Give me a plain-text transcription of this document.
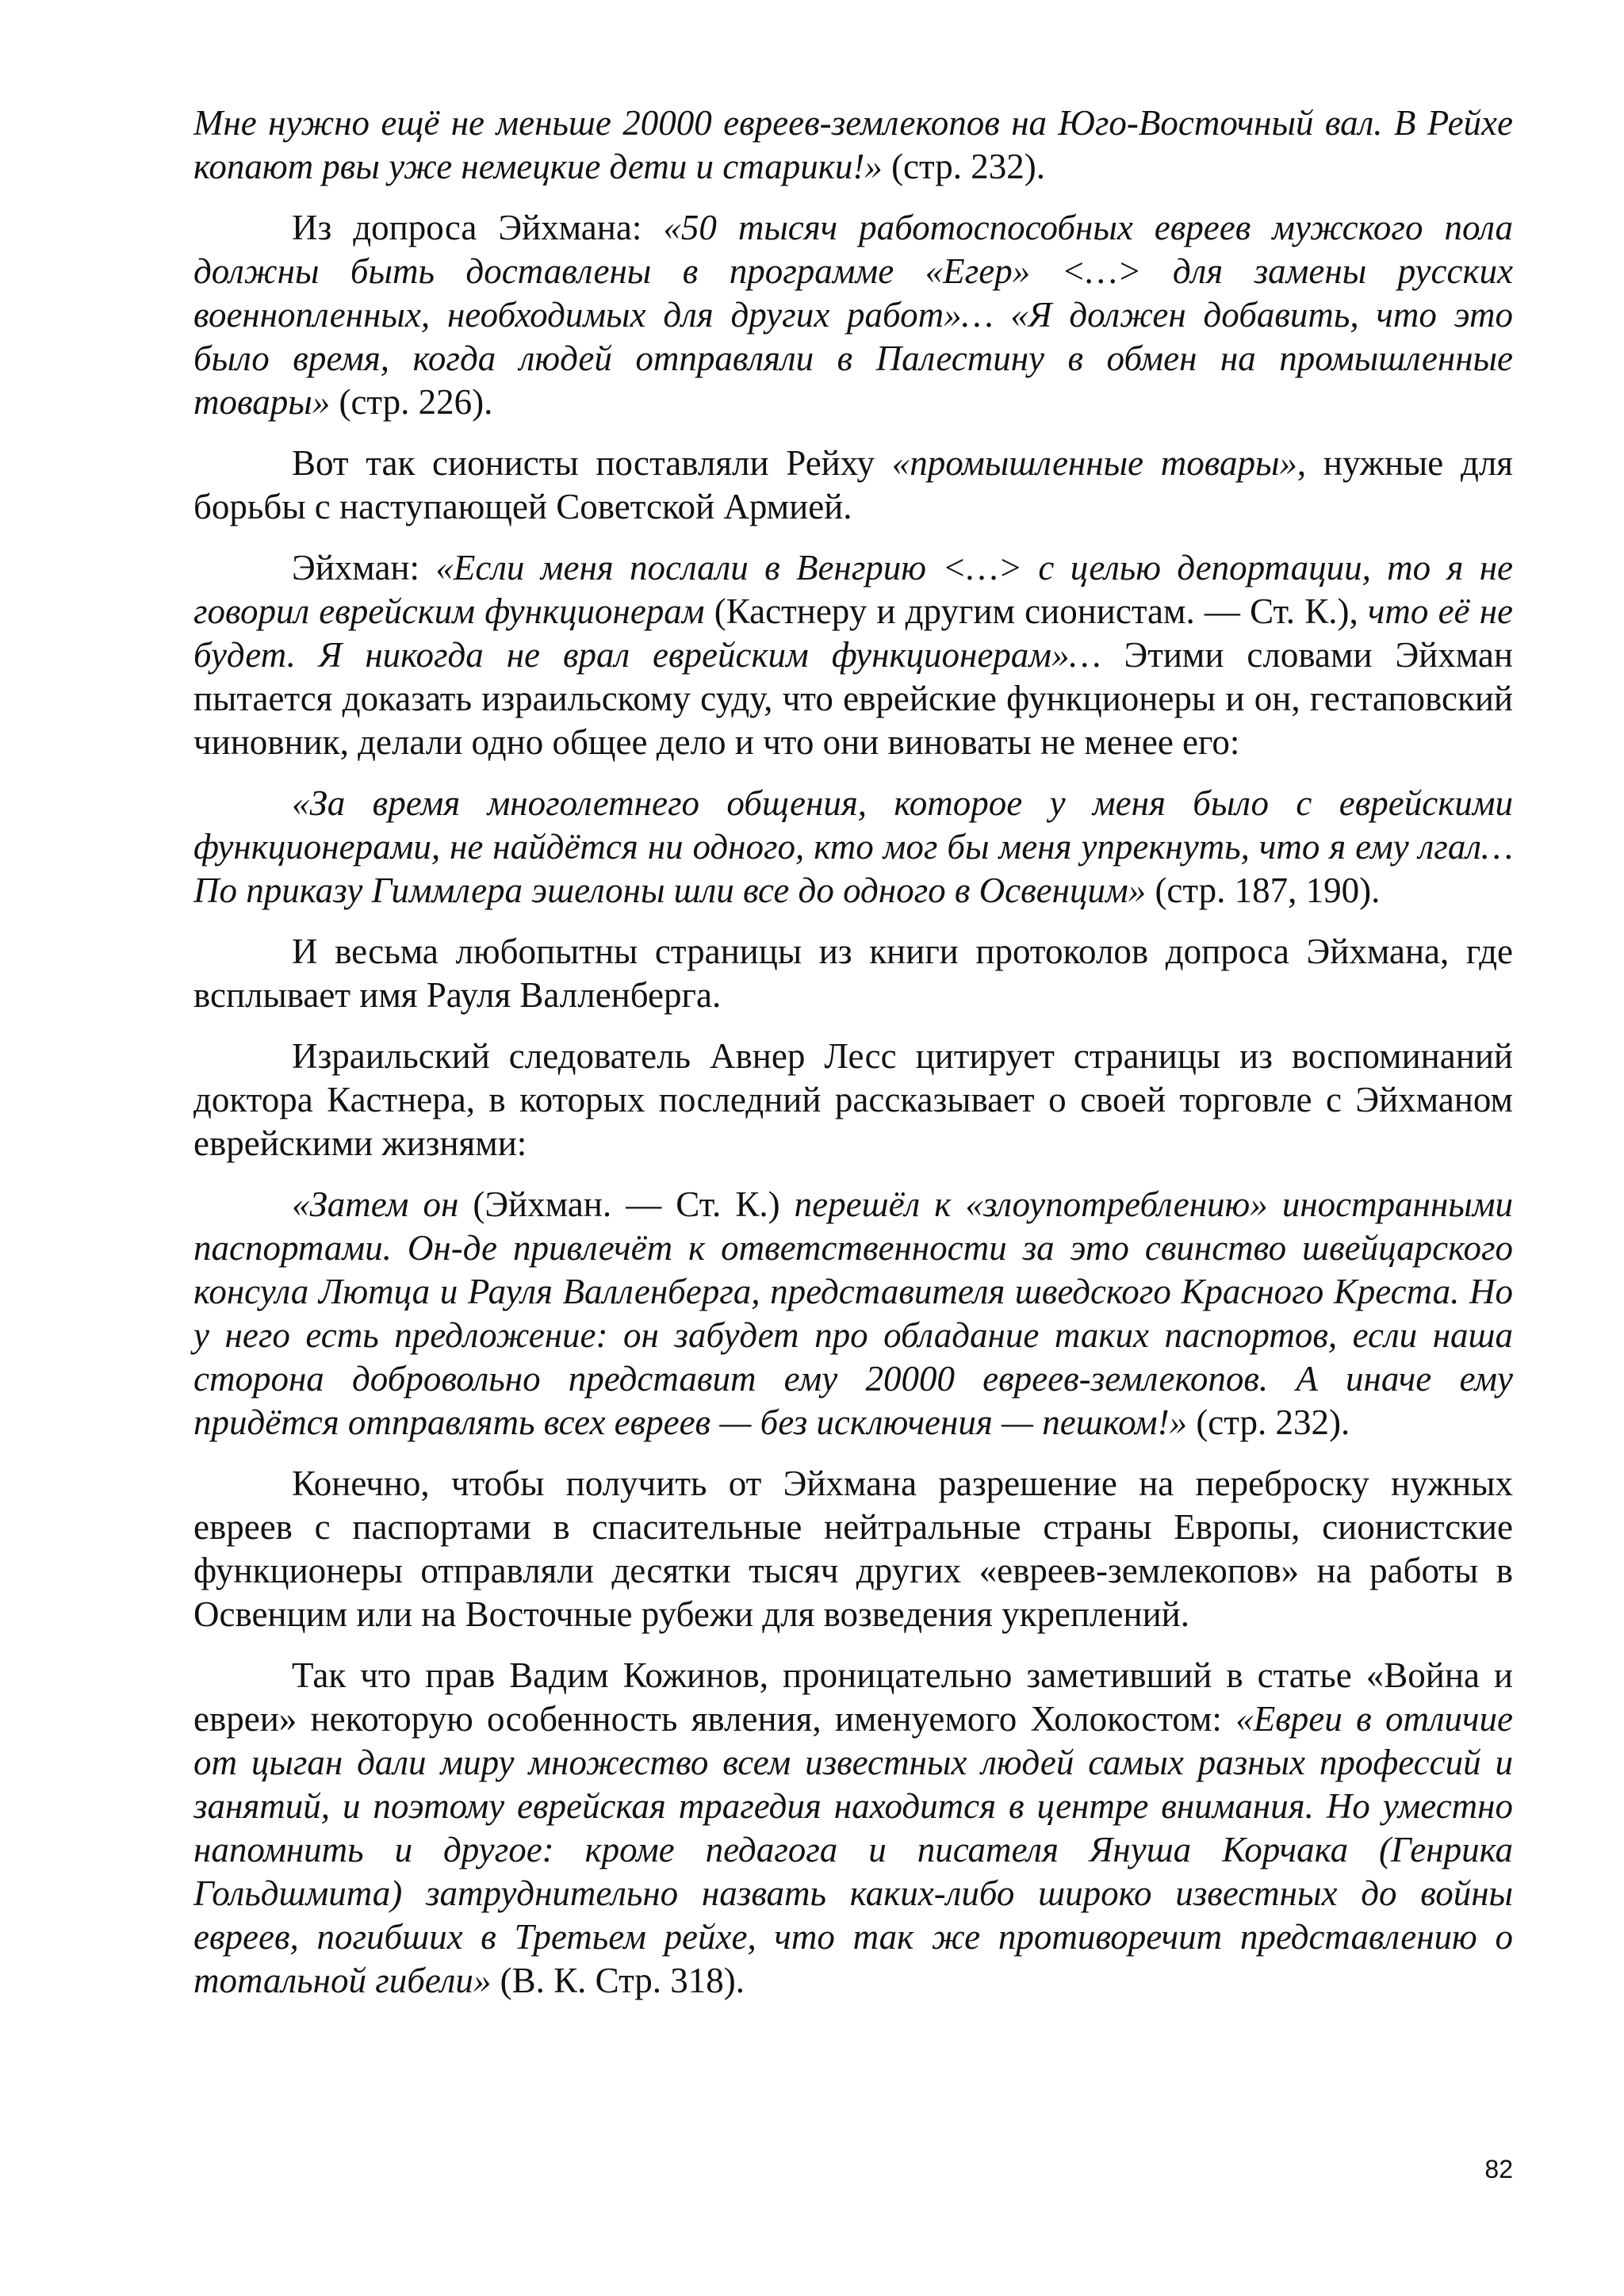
Мне нужно ещё не меньше 20000 евреев-землекопов на Юго-Восточный вал. В Рейхе копают рвы уже немецкие дети и старики!» (стр. 232).

Из допроса Эйхмана: «50 тысяч работоспособных евреев мужского пола должны быть доставлены в программе «Егер» <…> для замены русских военнопленных, необходимых для других работ»… «Я должен добавить, что это было время, когда людей отправляли в Палестину в обмен на промышленные товары» (стр. 226).

Вот так сионисты поставляли Рейху «промышленные товары», нужные для борьбы с наступающей Советской Армией.

Эйхман: «Если меня послали в Венгрию <…> с целью депортации, то я не говорил еврейским функционерам (Кастнеру и другим сионистам. — Ст. К.), что её не будет. Я никогда не врал еврейским функционерам»… Этими словами Эйхман пытается доказать израильскому суду, что еврейские функционеры и он, гестаповский чиновник, делали одно общее дело и что они виноваты не менее его:

«За время многолетнего общения, которое у меня было с еврейскими функционерами, не найдётся ни одного, кто мог бы меня упрекнуть, что я ему лгал… По приказу Гиммлера эшелоны шли все до одного в Освенцим» (стр. 187, 190).

И весьма любопытны страницы из книги протоколов допроса Эйхмана, где всплывает имя Рауля Валленберга.

Израильский следователь Авнер Лесс цитирует страницы из воспоминаний доктора Кастнера, в которых последний рассказывает о своей торговле с Эйхманом еврейскими жизнями:

«Затем он (Эйхман. — Ст. К.) перешёл к «злоупотреблению» иностранными паспортами. Он-де привлечёт к ответственности за это свинство швейцарского консула Лютца и Рауля Валленберга, представителя шведского Красного Креста. Но у него есть предложение: он забудет про обладание таких паспортов, если наша сторона добровольно представит ему 20000 евреев-землекопов. А иначе ему придётся отправлять всех евреев — без исключения — пешком!» (стр. 232).

Конечно, чтобы получить от Эйхмана разрешение на переброску нужных евреев с паспортами в спасительные нейтральные страны Европы, сионистские функционеры отправляли десятки тысяч других «евреев-землекопов» на работы в Освенцим или на Восточные рубежи для возведения укреплений.

Так что прав Вадим Кожинов, проницательно заметивший в статье «Война и евреи» некоторую особенность явления, именуемого Холокостом: «Евреи в отличие от цыган дали миру множество всем известных людей самых разных профессий и занятий, и поэтому еврейская трагедия находится в центре внимания. Но уместно напомнить и другое: кроме педагога и писателя Януша Корчака (Генрика Гольдшмита) затруднительно назвать каких-либо широко известных до войны евреев, погибших в Третьем рейхе, что так же противоречит представлению о тотальной гибели» (В. К. Стр. 318).

82
